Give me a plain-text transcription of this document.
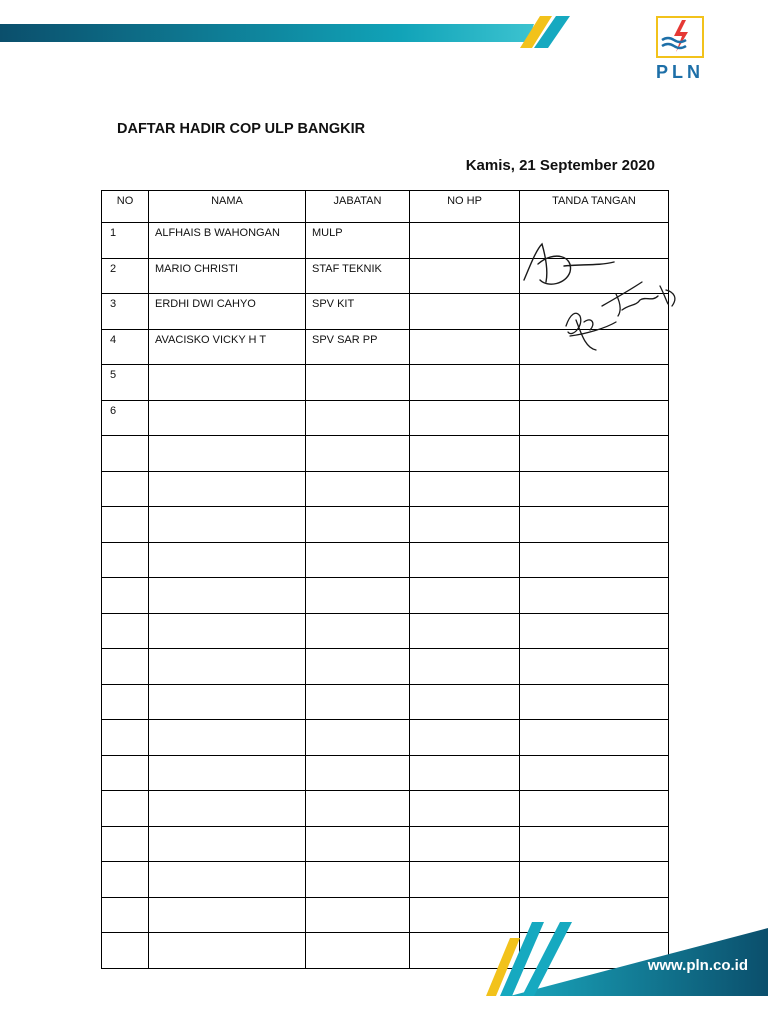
PLN
DAFTAR HADIR COP ULP BANGKIR
Kamis, 21 September 2020
NO	NAMA	JABATAN	NO HP	TANDA TANGAN
1	ALFHAIS B WAHONGAN	MULP		
2	MARIO CHRISTI	STAF TEKNIK		
3	ERDHI DWI CAHYO	SPV KIT		
4	AVACISKO VICKY H T	SPV SAR PP		
5				
6				

www.pln.co.id
